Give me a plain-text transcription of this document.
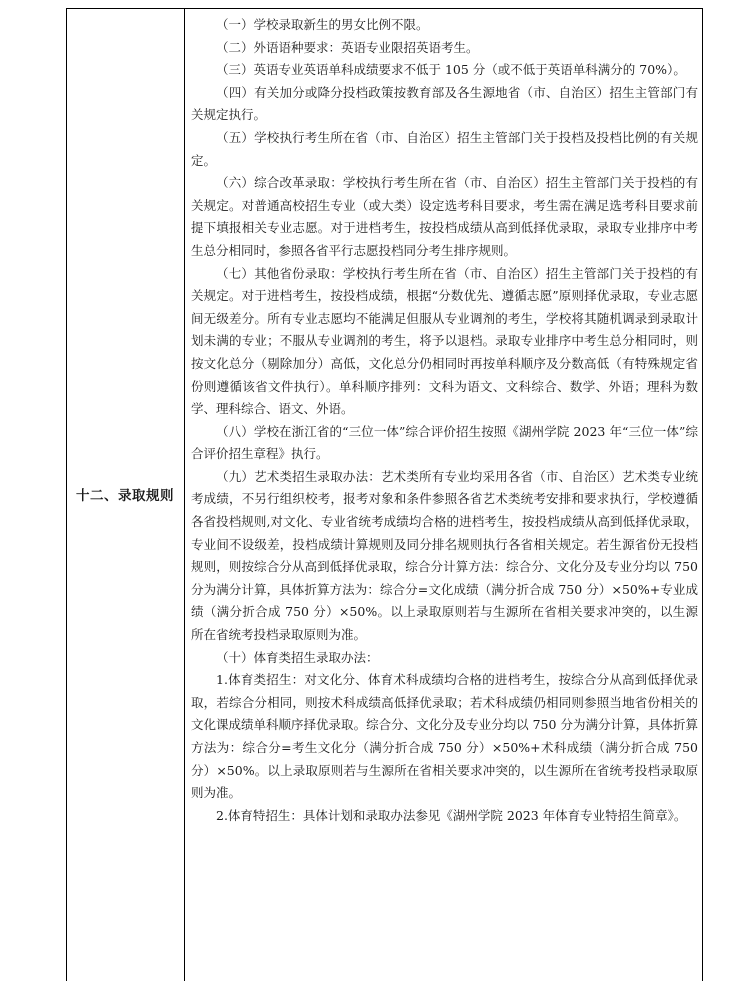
十二、录取规则

（一）学校录取新生的男女比例不限。

（二）外语语种要求：英语专业限招英语考生。

（三）英语专业英语单科成绩要求不低于 105 分（或不低于英语单科满分的 70%）。

（四）有关加分或降分投档政策按教育部及各生源地省（市、自治区）招生主管部门有关规定执行。

（五）学校执行考生所在省（市、自治区）招生主管部门关于投档及投档比例的有关规定。

（六）综合改革录取：学校执行考生所在省（市、自治区）招生主管部门关于投档的有关规定。对普通高校招生专业（或大类）设定选考科目要求，考生需在满足选考科目要求前提下填报相关专业志愿。对于进档考生，按投档成绩从高到低择优录取，录取专业排序中考生总分相同时，参照各省平行志愿投档同分考生排序规则。

（七）其他省份录取：学校执行考生所在省（市、自治区）招生主管部门关于投档的有关规定。对于进档考生，按投档成绩，根据“分数优先、遵循志愿”原则择优录取，专业志愿间无级差分。所有专业志愿均不能满足但服从专业调剂的考生，学校将其随机调录到录取计划未满的专业；不服从专业调剂的考生，将予以退档。录取专业排序中考生总分相同时，则按文化总分（剔除加分）高低，文化总分仍相同时再按单科顺序及分数高低（有特殊规定省份则遵循该省文件执行）。单科顺序排列：文科为语文、文科综合、数学、外语；理科为数学、理科综合、语文、外语。

（八）学校在浙江省的“三位一体”综合评价招生按照《湖州学院 2023 年“三位一体”综合评价招生章程》执行。

（九）艺术类招生录取办法：艺术类所有专业均采用各省（市、自治区）艺术类专业统考成绩，不另行组织校考，报考对象和条件参照各省艺术类统考安排和要求执行，学校遵循各省投档规则,对文化、专业省统考成绩均合格的进档考生，按投档成绩从高到低择优录取，专业间不设级差，投档成绩计算规则及同分排名规则执行各省相关规定。若生源省份无投档规则，则按综合分从高到低择优录取，综合分计算方法：综合分、文化分及专业分均以 750 分为满分计算，具体折算方法为：综合分=文化成绩（满分折合成 750 分）×50%+专业成绩（满分折合成 750 分）×50%。以上录取原则若与生源所在省相关要求冲突的，以生源所在省统考投档录取原则为准。

（十）体育类招生录取办法：

1.体育类招生：对文化分、体育术科成绩均合格的进档考生，按综合分从高到低择优录取，若综合分相同，则按术科成绩高低择优录取；若术科成绩仍相同则参照当地省份相关的文化课成绩单科顺序择优录取。综合分、文化分及专业分均以 750 分为满分计算，具体折算方法为：综合分=考生文化分（满分折合成 750 分）×50%+术科成绩（满分折合成 750 分）×50%。以上录取原则若与生源所在省相关要求冲突的，以生源所在省统考投档录取原则为准。

2.体育特招生：具体计划和录取办法参见《湖州学院 2023 年体育专业特招生简章》。
